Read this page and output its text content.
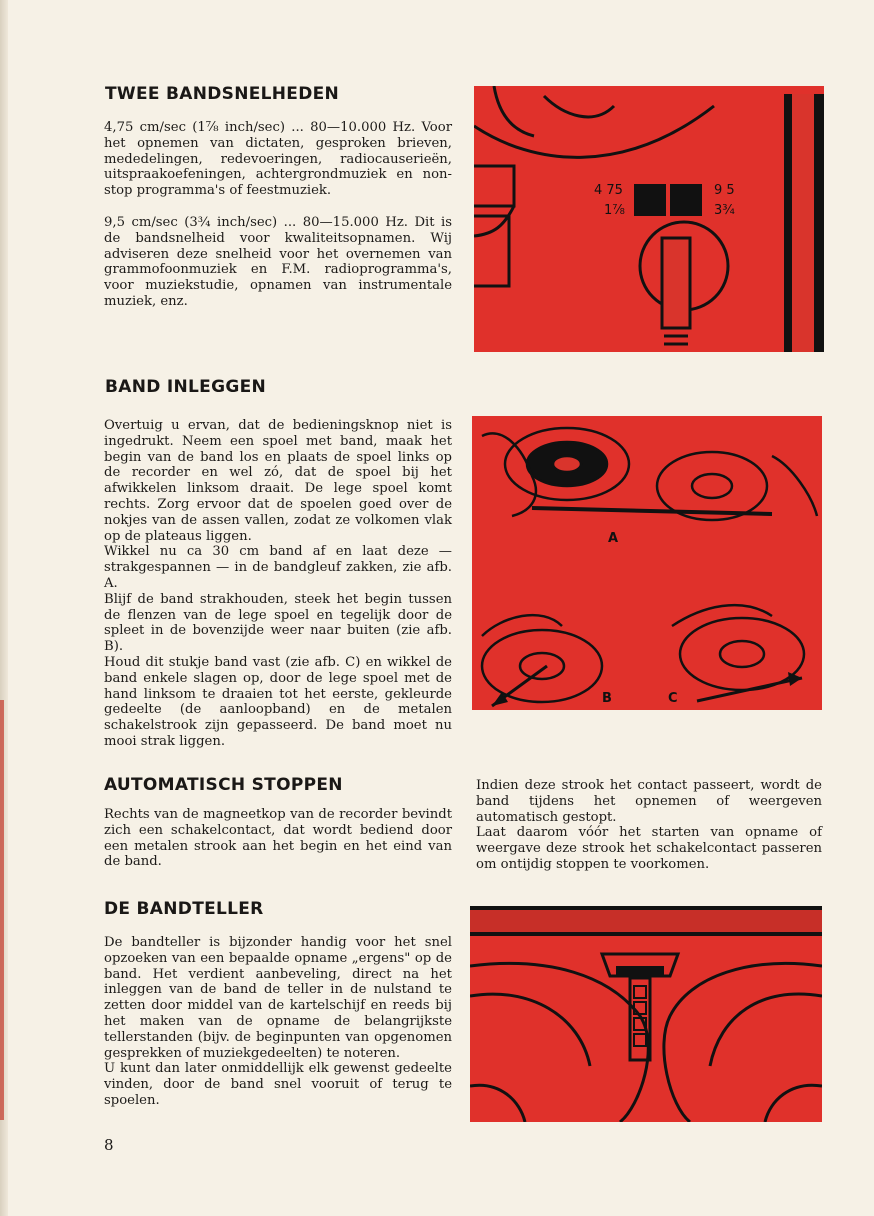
TWEE BANDSNELHEDEN

4,75 cm/sec (1⅞ inch/sec) ... 80—10.000 Hz. Voor het opnemen van dictaten, gesproken brieven, mededelingen, redevoeringen, radiocauserieën, uitspraakoefeningen, achtergrondmuziek en non-stop programma's of feestmuziek.

9,5 cm/sec (3¾ inch/sec) ... 80—15.000 Hz. Dit is de bandsnelheid voor kwaliteitsopnamen. Wij adviseren deze snelheid voor het overnemen van grammofoonmuziek en F.M. radioprogramma's, voor muziekstudie, opnamen van instrumentale muziek, enz.

4 75
1⅞
9 5
3¾
BAND INLEGGEN

Overtuig u ervan, dat de bedieningsknop niet is ingedrukt. Neem een spoel met band, maak het begin van de band los en plaats de spoel links op de recorder en wel zó, dat de spoel bij het afwikkelen linksom draait. De lege spoel komt rechts. Zorg ervoor dat de spoelen goed over de nokjes van de assen vallen, zodat ze volkomen vlak op de plateaus liggen.

Wikkel nu ca 30 cm band af en laat deze — strakgespannen — in de bandgleuf zakken, zie afb. A.

Blijf de band strakhouden, steek het begin tussen de flenzen van de lege spoel en tegelijk door de spleet in de bovenzijde weer naar buiten (zie afb. B).

Houd dit stukje band vast (zie afb. C) en wikkel de band enkele slagen op, door de lege spoel met de hand linksom te draaien tot het eerste, gekleurde gedeelte (de aanloopband) en de metalen schakelstrook zijn gepasseerd. De band moet nu mooi strak liggen.

A
B	C
AUTOMATISCH STOPPEN

Rechts van de magneetkop van de recorder bevindt zich een schakelcontact, dat wordt bediend door een metalen strook aan het begin en het eind van de band.

Indien deze strook het contact passeert, wordt de band tijdens het opnemen of weergeven automatisch gestopt.

Laat daarom vóór het starten van opname of weergave deze strook het schakelcontact passeren om ontijdig stoppen te voorkomen.

DE BANDTELLER

De bandteller is bijzonder handig voor het snel opzoeken van een bepaalde opname „ergens" op de band. Het verdient aanbeveling, direct na het inleggen van de band de teller in de nulstand te zetten door middel van de kartelschijf en reeds bij het maken van de opname de belangrijkste tellerstanden (bijv. de beginpunten van opgenomen gesprekken of muziekgedeelten) te noteren.

U kunt dan later onmiddellijk elk gewenst gedeelte vinden, door de band snel vooruit of terug te spoelen.

8
